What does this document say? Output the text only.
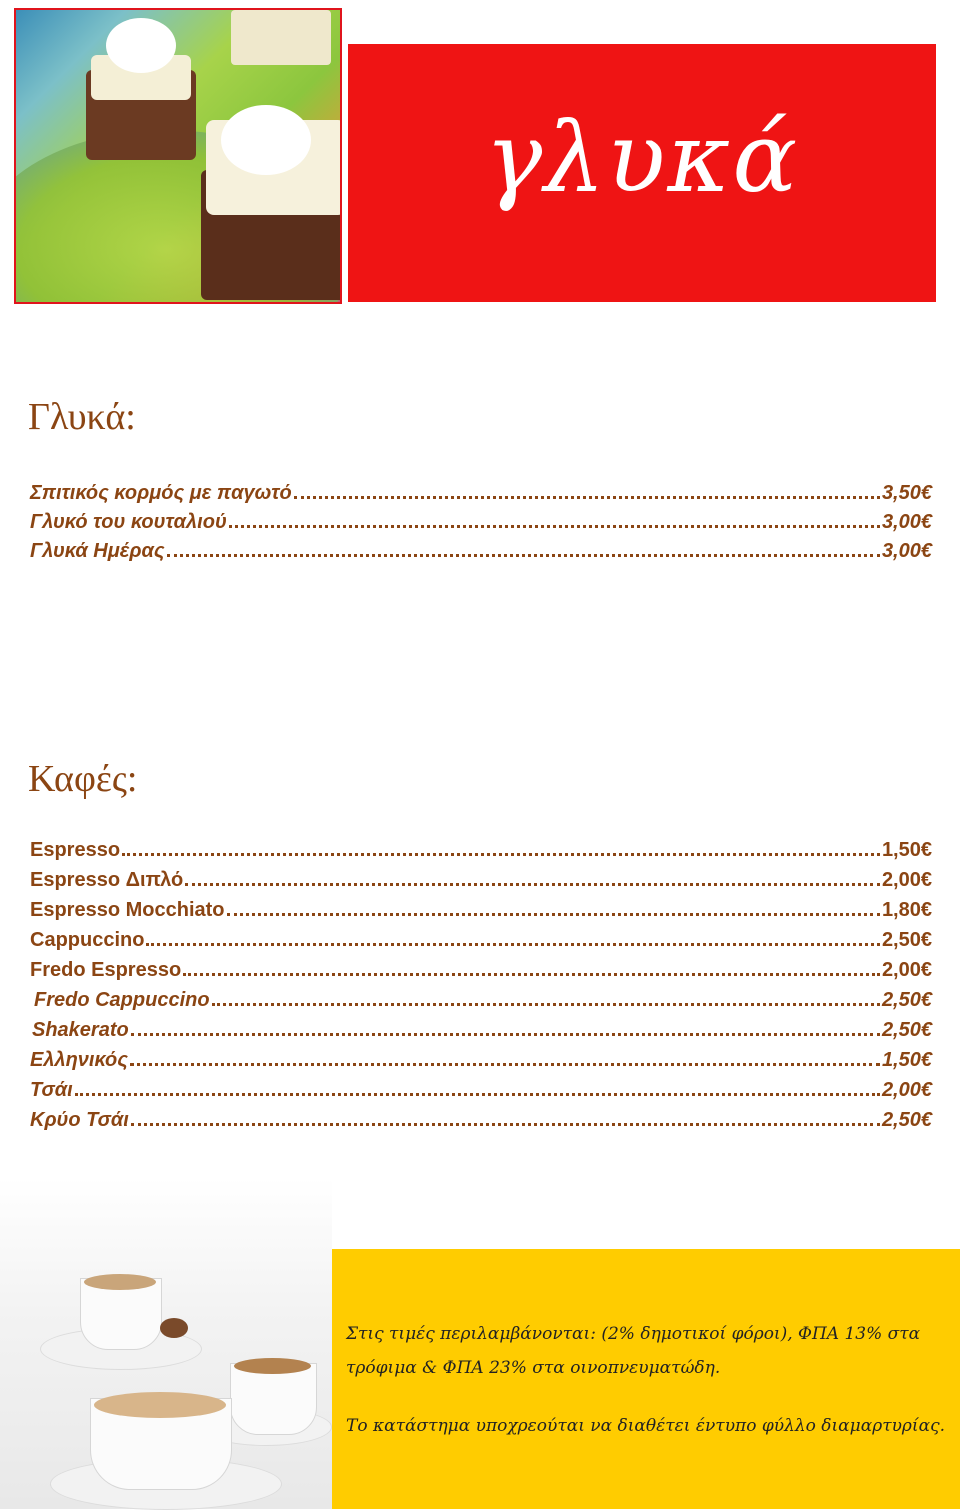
γλυκά
Γλυκά:
Σπιτικός κορμός με παγωτό	3,50€
Γλυκό του κουταλιού	3,00€
Γλυκά Ημέρας	3,00€
Καφές:
Espresso	1,50€
Espresso Διπλό	2,00€
Espresso Mocchiato	1,80€
Cappuccino	2,50€
Fredo Espresso	2,00€
Fredo Cappuccino	2,50€
Shakerato	2,50€
Ελληνικός	1,50€
Τσάι	2,00€
Κρύο Τσάι	2,50€
Στις τιμές περιλαμβάνονται: (2% δημοτικοί φόροι), ΦΠΑ 13% στα
τρόφιμα & ΦΠΑ 23% στα οινοπνευματώδη.
Το κατάστημα υποχρεούται να διαθέτει έντυπο φύλλο διαμαρτυρίας.
